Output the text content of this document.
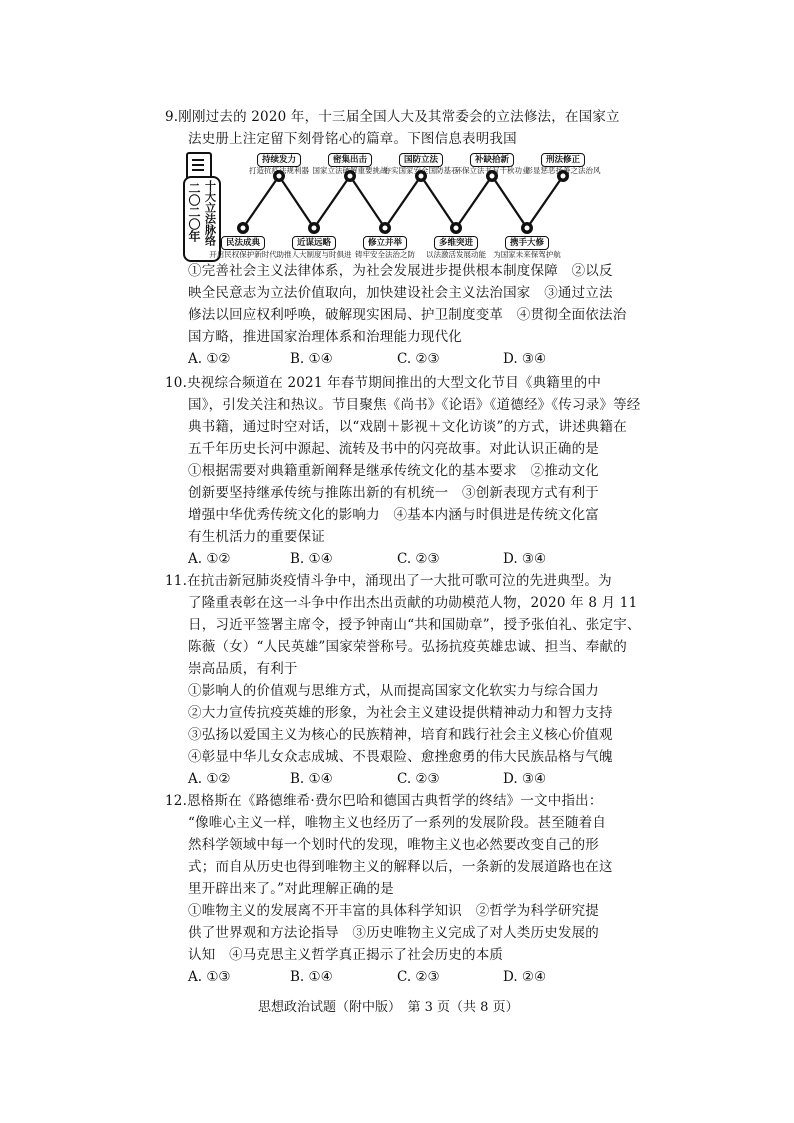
9.刚刚过去的 2020 年，十三届全国人大及其常委会的立法修法，在国家立
法史册上注定留下刻骨铭心的篇章。下图信息表明我国
二〇二〇年 十大立法脉络
持续发力
打造抗疫法规利器
密集出击
国家立法破解重要挑战
国防立法
夯实国家安全国防基石
补缺拾新
环保立法书写千秋功业
刑法修正
彰显惩恶扬善之法治风
民法成典
开启民权保护新时代
近谋远略
助推人大制度与时俱进
修立并举
铸牢安全法治之防
多维突进
以法激活发展动能
携手大修
为国家未来保驾护航
①完善社会主义法律体系，为社会发展进步提供根本制度保障　②以反
映全民意志为立法价值取向，加快建设社会主义法治国家　③通过立法
修法以回应权利呼唤，破解现实困局、护卫制度变革　④贯彻全面依法治
国方略，推进国家治理体系和治理能力现代化
A. ①②	B. ①④	C. ②③	D. ③④
10.央视综合频道在 2021 年春节期间推出的大型文化节目《典籍里的中
国》，引发关注和热议。节目聚焦《尚书》《论语》《道德经》《传习录》等经
典书籍，通过时空对话，以“戏剧＋影视＋文化访谈”的方式，讲述典籍在
五千年历史长河中源起、流转及书中的闪亮故事。对此认识正确的是
①根据需要对典籍重新阐释是继承传统文化的基本要求　②推动文化
创新要坚持继承传统与推陈出新的有机统一　③创新表现方式有利于
增强中华优秀传统文化的影响力　④基本内涵与时俱进是传统文化富
有生机活力的重要保证
A. ①②	B. ①④	C. ②③	D. ③④
11.在抗击新冠肺炎疫情斗争中，涌现出了一大批可歌可泣的先进典型。为
了隆重表彰在这一斗争中作出杰出贡献的功勋模范人物，2020 年 8 月 11
日，习近平签署主席令，授予钟南山“共和国勋章”，授予张伯礼、张定宇、
陈薇（女）“人民英雄”国家荣誉称号。弘扬抗疫英雄忠诚、担当、奉献的
崇高品质，有利于
①影响人的价值观与思维方式，从而提高国家文化软实力与综合国力
②大力宣传抗疫英雄的形象，为社会主义建设提供精神动力和智力支持
③弘扬以爱国主义为核心的民族精神，培育和践行社会主义核心价值观
④彰显中华儿女众志成城、不畏艰险、愈挫愈勇的伟大民族品格与气魄
A. ①②	B. ①④	C. ②③	D. ③④
思想政治试题（附中版）　第 3 页（共 8 页）
12.恩格斯在《路德维希·费尔巴哈和德国古典哲学的终结》一文中指出：
“像唯心主义一样，唯物主义也经历了一系列的发展阶段。甚至随着自
然科学领域中每一个划时代的发现，唯物主义也必然要改变自己的形
式；而自从历史也得到唯物主义的解释以后，一条新的发展道路也在这
里开辟出来了。”对此理解正确的是
①唯物主义的发展离不开丰富的具体科学知识　②哲学为科学研究提
供了世界观和方法论指导　③历史唯物主义完成了对人类历史发展的
认知　④马克思主义哲学真正揭示了社会历史的本质
A. ①③	B. ①④	C. ②③	D. ②④
